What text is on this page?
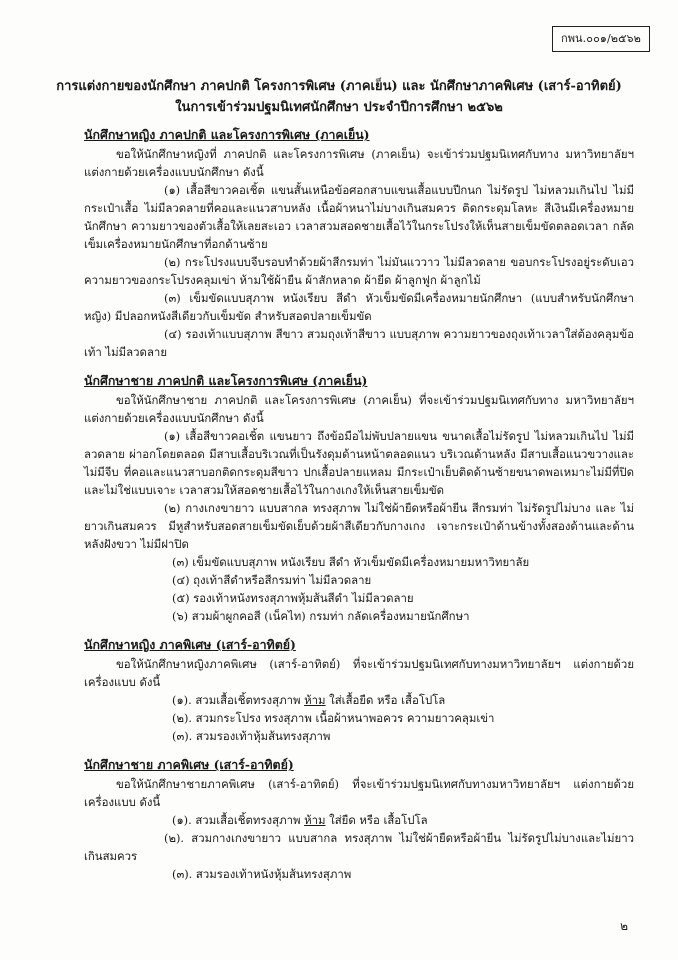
กพน.๐๐๑/๒๕๖๒
การแต่งกายของนักศึกษา ภาคปกติ โครงการพิเศษ (ภาคเย็น) และ นักศึกษาภาคพิเศษ (เสาร์-อาทิตย์)
ในการเข้าร่วมปฐมนิเทศนักศึกษา ประจำปีการศึกษา ๒๕๖๒
นักศึกษาหญิง ภาคปกติ และโครงการพิเศษ (ภาคเย็น)
ขอให้นักศึกษาหญิงที่ ภาคปกติ และโครงการพิเศษ (ภาคเย็น) จะเข้าร่วมปฐมนิเทศกับทาง มหาวิทยาลัยฯ แต่งกายด้วยเครื่องแบบนักศึกษา ดังนี้
(๑) เสื้อสีขาวคอเชิ้ต แขนสั้นเหนือข้อศอกสาบแขนเสื้อแบบปีกนก ไม่รัดรูป ไม่หลวมเกินไป ไม่มีกระเป๋าเสื้อ ไม่มีลวดลายที่คอและแนวสาบหลัง เนื้อผ้าหนาไม่บางเกินสมควร ติดกระดุมโลหะ สีเงินมีเครื่องหมายนักศึกษา ความยาวของตัวเสื้อให้เลยสะเอว เวลาสวมสอดชายเสื้อไว้ในกระโปรงให้เห็นสายเข็มขัดตลอดเวลา กลัดเข็มเครื่องหมายนักศึกษาที่อกด้านซ้าย
(๒) กระโปรงแบบจีบรอบทำด้วยผ้าสีกรมท่า ไม่มันแววาว ไม่มีลวดลาย ขอบกระโปรงอยู่ระดับเอว ความยาวของกระโปรงคลุมเข่า ห้ามใช้ผ้ายืน ผ้าสักหลาด ผ้ายีด ผ้าลูกฟูก ผ้าลูกไม้
(๓) เข็มขัดแบบสุภาพ หนังเรียบ สีดำ หัวเข็มขัดมีเครื่องหมายนักศึกษา (แบบสำหรับนักศึกษาหญิง) มีปลอกหนังสีเดียวกับเข็มขัด สำหรับสอดปลายเข็มขัด
(๔) รองเท้าแบบสุภาพ สีขาว สวมถุงเท้าสีขาว แบบสุภาพ ความยาวของถุงเท้าเวลาใส่ต้องคลุมข้อเท้า ไม่มีลวดลาย
นักศึกษาชาย ภาคปกติ และโครงการพิเศษ (ภาคเย็น)
ขอให้นักศึกษาชาย ภาคปกติ และโครงการพิเศษ (ภาคเย็น) ที่จะเข้าร่วมปฐมนิเทศกับทาง มหาวิทยาลัยฯ แต่งกายด้วยเครื่องแบบนักศึกษา ดังนี้
(๑) เสื้อสีขาวคอเชิ้ต แขนยาว ถึงข้อมือไม่พับปลายแขน ขนาดเสื้อไม่รัดรูป ไม่หลวมเกินไป ไม่มีลวดลาย ผ่าอกโดยตลอด มีสาบเสื้อบริเวณที่เป็นรังดุมด้านหน้าตลอดแนว บริเวณด้านหลัง มีสาบเสื้อแนวขวางและไม่มีจีบ ที่คอและแนวสาบอกติดกระดุมสีขาว ปกเสื้อปลายแหลม มีกระเป๋าเย็บติดด้านซ้ายขนาดพอเหมาะไม่มีที่ปิด และไม่ใช่แบบเจาะ เวลาสวมให้สอดชายเสื้อไว้ในกางเกงให้เห็นสายเข็มขัด
(๒) กางเกงขายาว แบบสากล ทรงสุภาพ ไม่ใช่ผ้ายืดหรือผ้ายีน สีกรมท่า ไม่รัดรูปไม่บาง และ ไม่ยาวเกินสมควร มีหูสำหรับสอดสายเข็มขัดเย็บด้วยผ้าสีเดียวกับกางเกง เจาะกระเป๋าด้านข้างทั้งสองด้านและด้านหลังฝังขวา ไม่มีฝาปิด
(๓) เข็มขัดแบบสุภาพ หนังเรียบ สีดำ หัวเข็มขัดมีเครื่องหมายมหาวิทยาลัย
(๔) ถุงเท้าสีดำหรือสีกรมท่า ไม่มีลวดลาย
(๕) รองเท้าหนังทรงสุภาพหุ้มส้นสีดำ ไม่มีลวดลาย
(๖) สวมผ้าผูกคอสี (เน็คไท) กรมท่า กลัดเครื่องหมายนักศึกษา
นักศึกษาหญิง ภาคพิเศษ (เสาร์-อาทิตย์)
ขอให้นักศึกษาหญิงภาคพิเศษ (เสาร์-อาทิตย์) ที่จะเข้าร่วมปฐมนิเทศกับทางมหาวิทยาลัยฯ แต่งกายด้วยเครื่องแบบ ดังนี้
(๑). สวมเสื้อเชิ้ตทรงสุภาพ ห้าม ใส่เสื้อยืด หรือ เสื้อโปโล
(๒). สวมกระโปรง ทรงสุภาพ เนื้อผ้าหนาพอควร ความยาวคลุมเข่า
(๓). สวมรองเท้าหุ้มส้นทรงสุภาพ
นักศึกษาชาย ภาคพิเศษ (เสาร์-อาทิตย์)
ขอให้นักศึกษาชายภาคพิเศษ (เสาร์-อาทิตย์) ที่จะเข้าร่วมปฐมนิเทศกับทางมหาวิทยาลัยฯ แต่งกายด้วยเครื่องแบบ ดังนี้
(๑). สวมเสื้อเชิ้ตทรงสุภาพ ห้าม ใส่ยืด หรือ เสื้อโปโล
(๒). สวมกางเกงขายาว แบบสากล ทรงสุภาพ ไม่ใช่ผ้ายืดหรือผ้ายีน ไม่รัดรูปไม่บางและไม่ยาวเกินสมควร
(๓). สวมรองเท้าหนังหุ้มส้นทรงสุภาพ
๒
